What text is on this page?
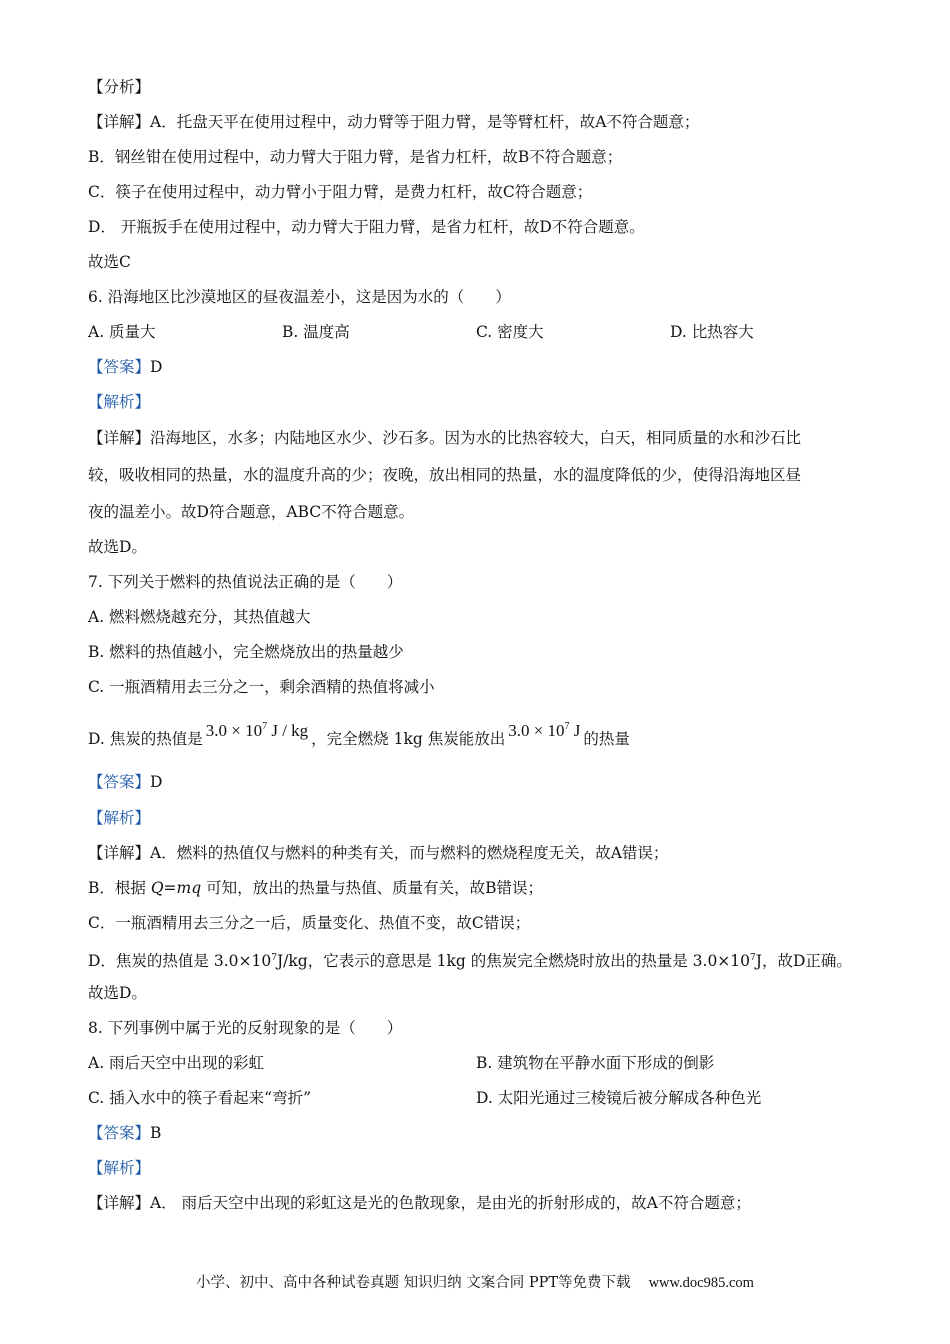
【分析】
【详解】A．托盘天平在使用过程中，动力臂等于阻力臂，是等臂杠杆，故A不符合题意；
B．钢丝钳在使用过程中，动力臂大于阻力臂，是省力杠杆，故B不符合题意；
C．筷子在使用过程中，动力臂小于阻力臂，是费力杠杆，故C符合题意；
D． 开瓶扳手在使用过程中，动力臂大于阻力臂，是省力杠杆，故D不符合题意。
故选C
6. 沿海地区比沙漠地区的昼夜温差小，这是因为水的（　　）
A. 质量大	B. 温度高	C. 密度大	D. 比热容大
【答案】D
【解析】
【详解】沿海地区，水多；内陆地区水少、沙石多。因为水的比热容较大，白天，相同质量的水和沙石比
较，吸收相同的热量，水的温度升高的少；夜晚，放出相同的热量，水的温度降低的少，使得沿海地区昼
夜的温差小。故D符合题意，ABC不符合题意。
故选D。
7. 下列关于燃料的热值说法正确的是（　　）
A. 燃料燃烧越充分，其热值越大
B. 燃料的热值越小，完全燃烧放出的热量越少
C. 一瓶酒精用去三分之一，剩余酒精的热值将减小
D. 焦炭的热值是 $3.0 \times 10^7$ J / kg ，完全燃烧 1kg 焦炭能放出 $3.0 \times 10^7$ J 的热量
【答案】D
【解析】
【详解】A．燃料的热值仅与燃料的种类有关，而与燃料的燃烧程度无关，故A错误；
B．根据 Q=mq 可知，放出的热量与热值、质量有关，故B错误；
C．一瓶酒精用去三分之一后，质量变化、热值不变，故C错误；
D．焦炭的热值是 $3.0\times 10^7J/kg$，它表示的意思是 1kg 的焦炭完全燃烧时放出的热量是 $3.0\times 10^7J$，故D正确。
故选D。
8. 下列事例中属于光的反射现象的是（　　）
A. 雨后天空中出现的彩虹	B. 建筑物在平静水面下形成的倒影
C. 插入水中的筷子看起来“弯折”	D. 太阳光通过三棱镜后被分解成各种色光
【答案】B
【解析】
【详解】A． 雨后天空中出现的彩虹这是光的色散现象，是由光的折射形成的，故A不符合题意；
小学、初中、高中各种试卷真题 知识归纳 文案合同 PPT等免费下载 www.doc985.com
